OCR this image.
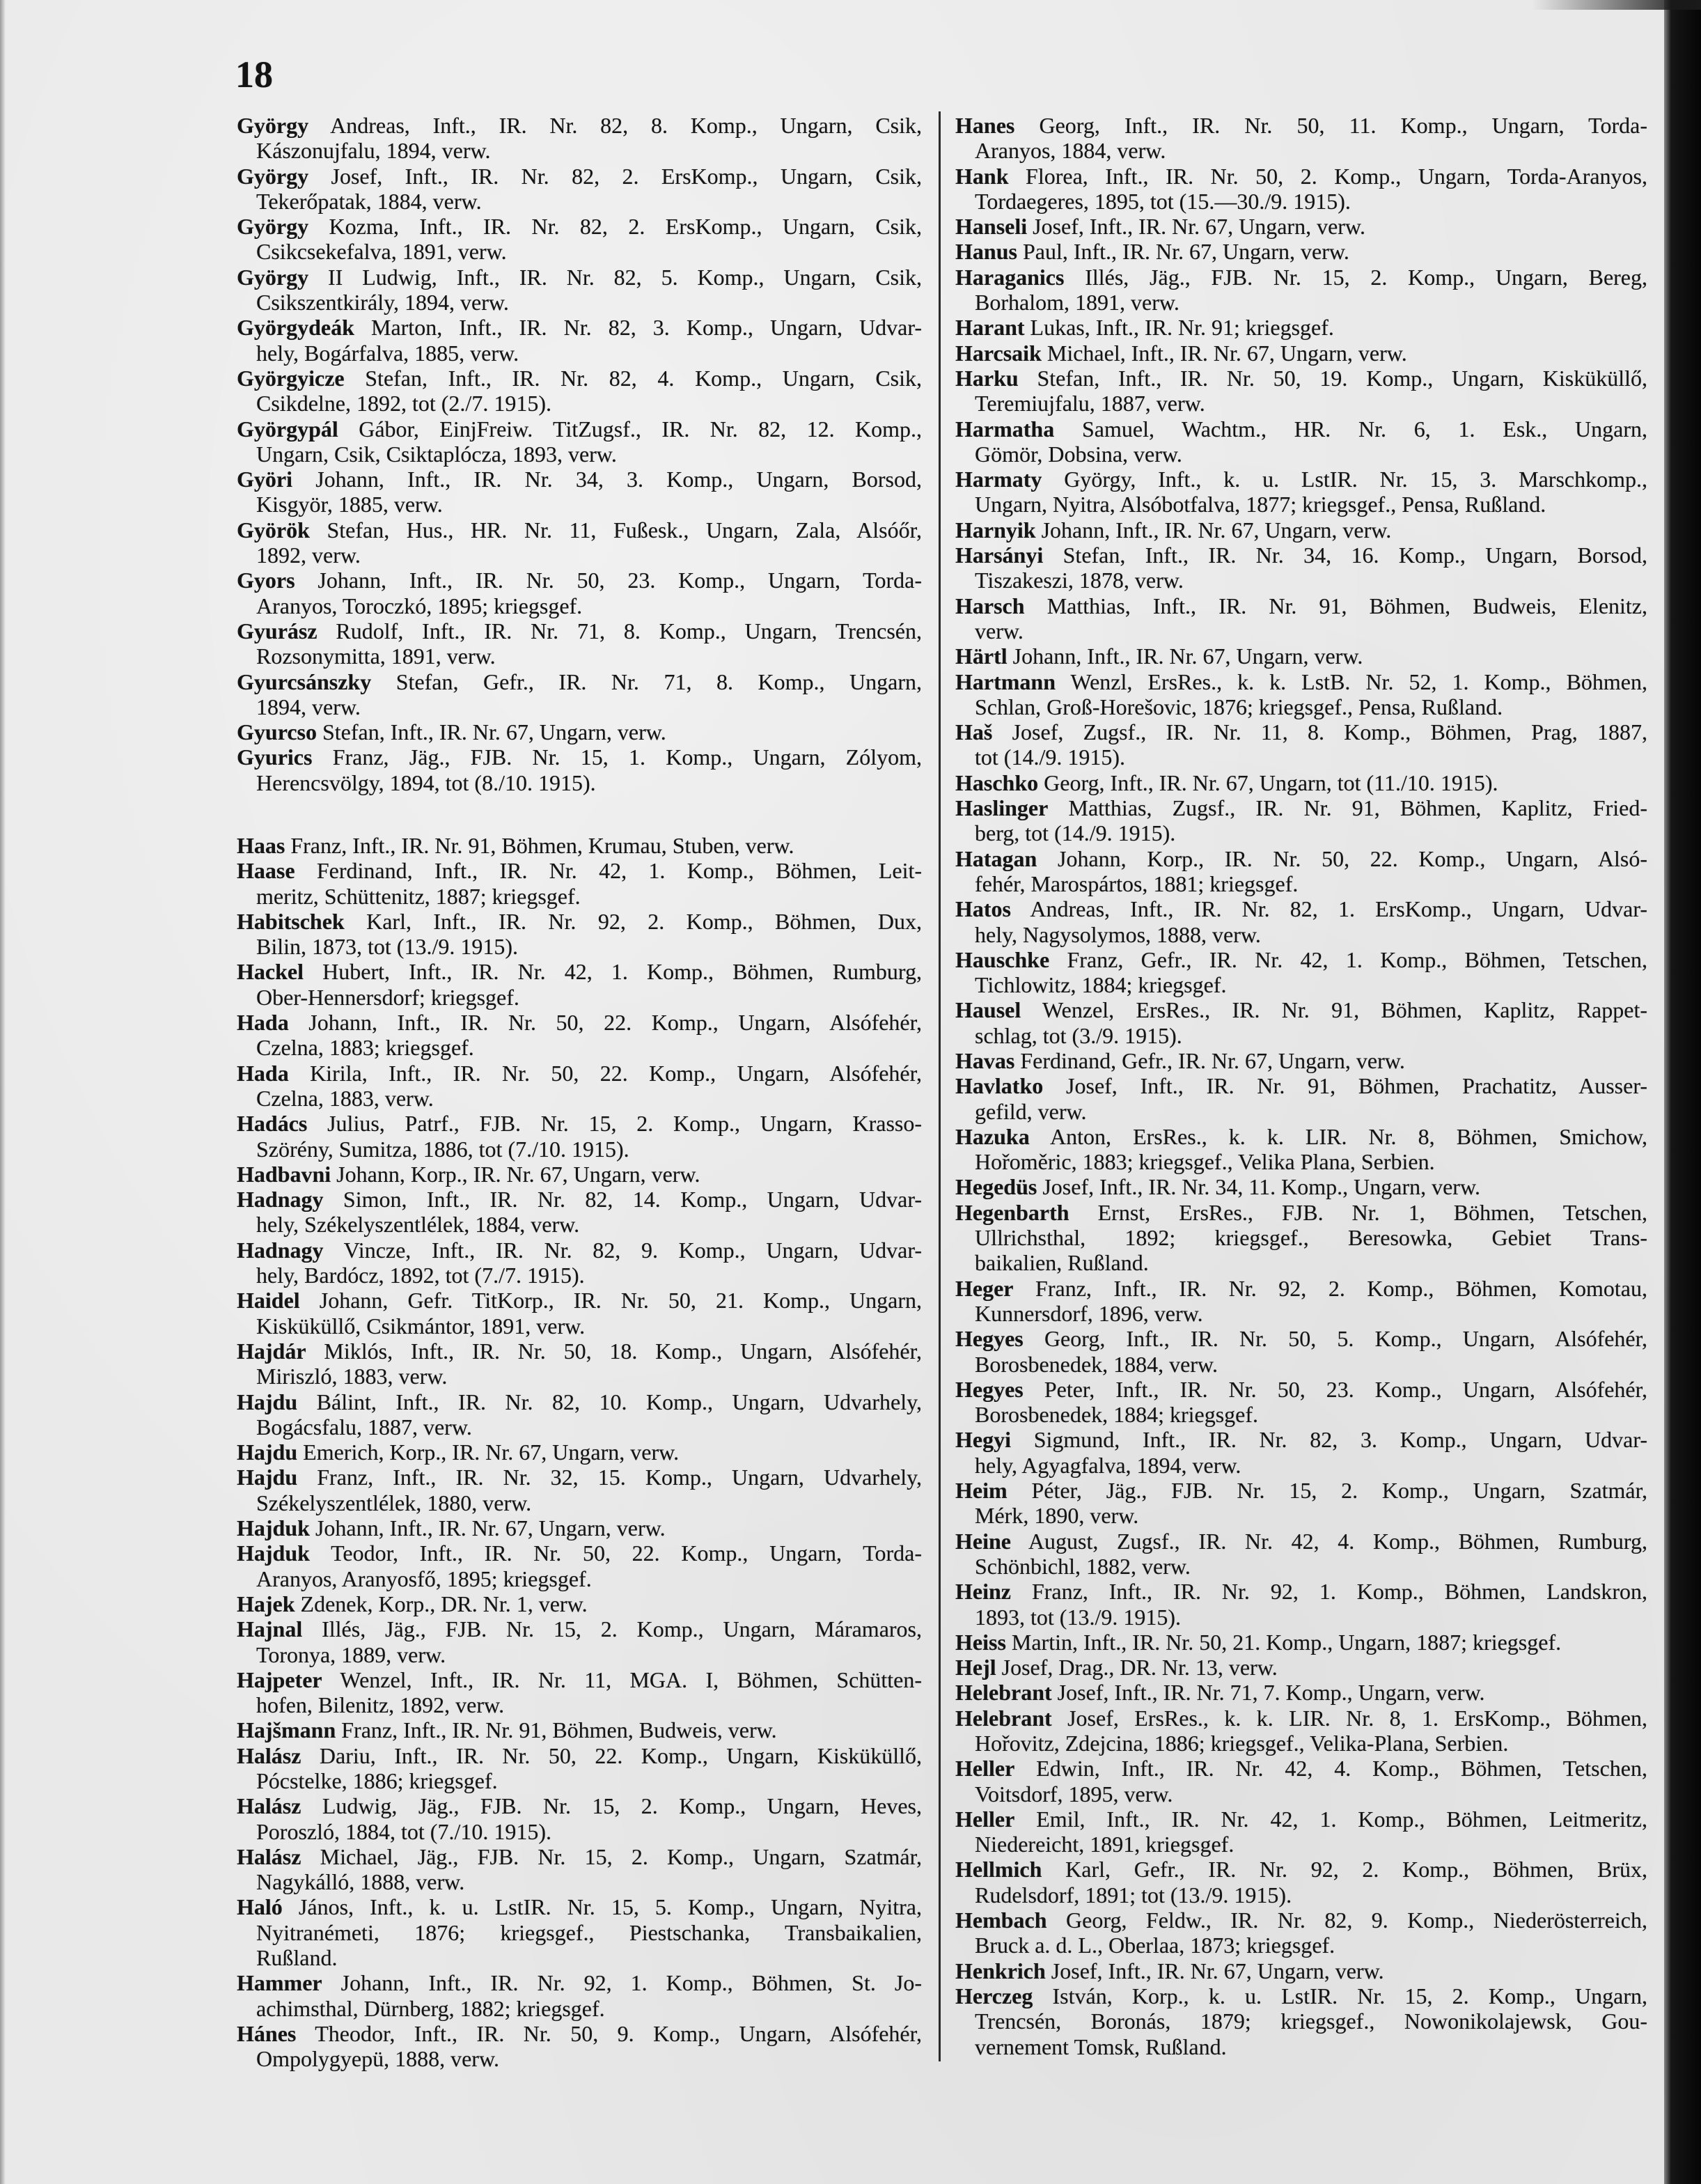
18
György Andreas, Inft., IR. Nr. 82, 8. Komp., Ungarn, Csik,
Kászonujfalu, 1894, verw.
György Josef, Inft., IR. Nr. 82, 2. ErsKomp., Ungarn, Csik,
Tekerőpatak, 1884, verw.
György Kozma, Inft., IR. Nr. 82, 2. ErsKomp., Ungarn, Csik,
Csikcsekefalva, 1891, verw.
György II Ludwig, Inft., IR. Nr. 82, 5. Komp., Ungarn, Csik,
Csikszentkirály, 1894, verw.
Györgydeák Marton, Inft., IR. Nr. 82, 3. Komp., Ungarn, Udvar-
hely, Bogárfalva, 1885, verw.
Györgyicze Stefan, Inft., IR. Nr. 82, 4. Komp., Ungarn, Csik,
Csikdelne, 1892, tot (2./7. 1915).
Györgypál Gábor, EinjFreiw. TitZugsf., IR. Nr. 82, 12. Komp.,
Ungarn, Csik, Csiktaplócza, 1893, verw.
Györi Johann, Inft., IR. Nr. 34, 3. Komp., Ungarn, Borsod,
Kisgyör, 1885, verw.
Györök Stefan, Hus., HR. Nr. 11, Fußesk., Ungarn, Zala, Alsóőr,
1892, verw.
Gyors Johann, Inft., IR. Nr. 50, 23. Komp., Ungarn, Torda-
Aranyos, Toroczkó, 1895; kriegsgef.
Gyurász Rudolf, Inft., IR. Nr. 71, 8. Komp., Ungarn, Trencsén,
Rozsonymitta, 1891, verw.
Gyurcsánszky Stefan, Gefr., IR. Nr. 71, 8. Komp., Ungarn,
1894, verw.
Gyurcso Stefan, Inft., IR. Nr. 67, Ungarn, verw.
Gyurics Franz, Jäg., FJB. Nr. 15, 1. Komp., Ungarn, Zólyom,
Herencsvölgy, 1894, tot (8./10. 1915).
Haas Franz, Inft., IR. Nr. 91, Böhmen, Krumau, Stuben, verw.
Haase Ferdinand, Inft., IR. Nr. 42, 1. Komp., Böhmen, Leit-
meritz, Schüttenitz, 1887; kriegsgef.
Habitschek Karl, Inft., IR. Nr. 92, 2. Komp., Böhmen, Dux,
Bilin, 1873, tot (13./9. 1915).
Hackel Hubert, Inft., IR. Nr. 42, 1. Komp., Böhmen, Rumburg,
Ober-Hennersdorf; kriegsgef.
Hada Johann, Inft., IR. Nr. 50, 22. Komp., Ungarn, Alsófehér,
Czelna, 1883; kriegsgef.
Hada Kirila, Inft., IR. Nr. 50, 22. Komp., Ungarn, Alsófehér,
Czelna, 1883, verw.
Hadács Julius, Patrf., FJB. Nr. 15, 2. Komp., Ungarn, Krasso-
Szörény, Sumitza, 1886, tot (7./10. 1915).
Hadbavni Johann, Korp., IR. Nr. 67, Ungarn, verw.
Hadnagy Simon, Inft., IR. Nr. 82, 14. Komp., Ungarn, Udvar-
hely, Székelyszentlélek, 1884, verw.
Hadnagy Vincze, Inft., IR. Nr. 82, 9. Komp., Ungarn, Udvar-
hely, Bardócz, 1892, tot (7./7. 1915).
Haidel Johann, Gefr. TitKorp., IR. Nr. 50, 21. Komp., Ungarn,
Kisküküllő, Csikmántor, 1891, verw.
Hajdár Miklós, Inft., IR. Nr. 50, 18. Komp., Ungarn, Alsófehér,
Miriszló, 1883, verw.
Hajdu Bálint, Inft., IR. Nr. 82, 10. Komp., Ungarn, Udvarhely,
Bogácsfalu, 1887, verw.
Hajdu Emerich, Korp., IR. Nr. 67, Ungarn, verw.
Hajdu Franz, Inft., IR. Nr. 32, 15. Komp., Ungarn, Udvarhely,
Székelyszentlélek, 1880, verw.
Hajduk Johann, Inft., IR. Nr. 67, Ungarn, verw.
Hajduk Teodor, Inft., IR. Nr. 50, 22. Komp., Ungarn, Torda-
Aranyos, Aranyosfő, 1895; kriegsgef.
Hajek Zdenek, Korp., DR. Nr. 1, verw.
Hajnal Illés, Jäg., FJB. Nr. 15, 2. Komp., Ungarn, Máramaros,
Toronya, 1889, verw.
Hajpeter Wenzel, Inft., IR. Nr. 11, MGA. I, Böhmen, Schütten-
hofen, Bilenitz, 1892, verw.
Hajšmann Franz, Inft., IR. Nr. 91, Böhmen, Budweis, verw.
Halász Dariu, Inft., IR. Nr. 50, 22. Komp., Ungarn, Kisküküllő,
Pócstelke, 1886; kriegsgef.
Halász Ludwig, Jäg., FJB. Nr. 15, 2. Komp., Ungarn, Heves,
Poroszló, 1884, tot (7./10. 1915).
Halász Michael, Jäg., FJB. Nr. 15, 2. Komp., Ungarn, Szatmár,
Nagykálló, 1888, verw.
Haló János, Inft., k. u. LstIR. Nr. 15, 5. Komp., Ungarn, Nyitra,
Nyitranémeti, 1876; kriegsgef., Piestschanka, Transbaikalien,
Rußland.
Hammer Johann, Inft., IR. Nr. 92, 1. Komp., Böhmen, St. Jo-
achimsthal, Dürnberg, 1882; kriegsgef.
Hánes Theodor, Inft., IR. Nr. 50, 9. Komp., Ungarn, Alsófehér,
Ompolygyepü, 1888, verw.
Hanes Georg, Inft., IR. Nr. 50, 11. Komp., Ungarn, Torda-
Aranyos, 1884, verw.
Hank Florea, Inft., IR. Nr. 50, 2. Komp., Ungarn, Torda-Aranyos,
Tordaegeres, 1895, tot (15.—30./9. 1915).
Hanseli Josef, Inft., IR. Nr. 67, Ungarn, verw.
Hanus Paul, Inft., IR. Nr. 67, Ungarn, verw.
Haraganics Illés, Jäg., FJB. Nr. 15, 2. Komp., Ungarn, Bereg,
Borhalom, 1891, verw.
Harant Lukas, Inft., IR. Nr. 91; kriegsgef.
Harcsaik Michael, Inft., IR. Nr. 67, Ungarn, verw.
Harku Stefan, Inft., IR. Nr. 50, 19. Komp., Ungarn, Kisküküllő,
Teremiujfalu, 1887, verw.
Harmatha Samuel, Wachtm., HR. Nr. 6, 1. Esk., Ungarn,
Gömör, Dobsina, verw.
Harmaty György, Inft., k. u. LstIR. Nr. 15, 3. Marschkomp.,
Ungarn, Nyitra, Alsóbotfalva, 1877; kriegsgef., Pensa, Rußland.
Harnyik Johann, Inft., IR. Nr. 67, Ungarn, verw.
Harsányi Stefan, Inft., IR. Nr. 34, 16. Komp., Ungarn, Borsod,
Tiszakeszi, 1878, verw.
Harsch Matthias, Inft., IR. Nr. 91, Böhmen, Budweis, Elenitz,
verw.
Härtl Johann, Inft., IR. Nr. 67, Ungarn, verw.
Hartmann Wenzl, ErsRes., k. k. LstB. Nr. 52, 1. Komp., Böhmen,
Schlan, Groß-Horešovic, 1876; kriegsgef., Pensa, Rußland.
Haš Josef, Zugsf., IR. Nr. 11, 8. Komp., Böhmen, Prag, 1887,
tot (14./9. 1915).
Haschko Georg, Inft., IR. Nr. 67, Ungarn, tot (11./10. 1915).
Haslinger Matthias, Zugsf., IR. Nr. 91, Böhmen, Kaplitz, Fried-
berg, tot (14./9. 1915).
Hatagan Johann, Korp., IR. Nr. 50, 22. Komp., Ungarn, Alsó-
fehér, Marospártos, 1881; kriegsgef.
Hatos Andreas, Inft., IR. Nr. 82, 1. ErsKomp., Ungarn, Udvar-
hely, Nagysolymos, 1888, verw.
Hauschke Franz, Gefr., IR. Nr. 42, 1. Komp., Böhmen, Tetschen,
Tichlowitz, 1884; kriegsgef.
Hausel Wenzel, ErsRes., IR. Nr. 91, Böhmen, Kaplitz, Rappet-
schlag, tot (3./9. 1915).
Havas Ferdinand, Gefr., IR. Nr. 67, Ungarn, verw.
Havlatko Josef, Inft., IR. Nr. 91, Böhmen, Prachatitz, Ausser-
gefild, verw.
Hazuka Anton, ErsRes., k. k. LIR. Nr. 8, Böhmen, Smichow,
Hořoměric, 1883; kriegsgef., Velika Plana, Serbien.
Hegedüs Josef, Inft., IR. Nr. 34, 11. Komp., Ungarn, verw.
Hegenbarth Ernst, ErsRes., FJB. Nr. 1, Böhmen, Tetschen,
Ullrichsthal, 1892; kriegsgef., Beresowka, Gebiet Trans-
baikalien, Rußland.
Heger Franz, Inft., IR. Nr. 92, 2. Komp., Böhmen, Komotau,
Kunnersdorf, 1896, verw.
Hegyes Georg, Inft., IR. Nr. 50, 5. Komp., Ungarn, Alsófehér,
Borosbenedek, 1884, verw.
Hegyes Peter, Inft., IR. Nr. 50, 23. Komp., Ungarn, Alsófehér,
Borosbenedek, 1884; kriegsgef.
Hegyi Sigmund, Inft., IR. Nr. 82, 3. Komp., Ungarn, Udvar-
hely, Agyagfalva, 1894, verw.
Heim Péter, Jäg., FJB. Nr. 15, 2. Komp., Ungarn, Szatmár,
Mérk, 1890, verw.
Heine August, Zugsf., IR. Nr. 42, 4. Komp., Böhmen, Rumburg,
Schönbichl, 1882, verw.
Heinz Franz, Inft., IR. Nr. 92, 1. Komp., Böhmen, Landskron,
1893, tot (13./9. 1915).
Heiss Martin, Inft., IR. Nr. 50, 21. Komp., Ungarn, 1887; kriegsgef.
Hejl Josef, Drag., DR. Nr. 13, verw.
Helebrant Josef, Inft., IR. Nr. 71, 7. Komp., Ungarn, verw.
Helebrant Josef, ErsRes., k. k. LIR. Nr. 8, 1. ErsKomp., Böhmen,
Hořovitz, Zdejcina, 1886; kriegsgef., Velika-Plana, Serbien.
Heller Edwin, Inft., IR. Nr. 42, 4. Komp., Böhmen, Tetschen,
Voitsdorf, 1895, verw.
Heller Emil, Inft., IR. Nr. 42, 1. Komp., Böhmen, Leitmeritz,
Niedereicht, 1891, kriegsgef.
Hellmich Karl, Gefr., IR. Nr. 92, 2. Komp., Böhmen, Brüx,
Rudelsdorf, 1891; tot (13./9. 1915).
Hembach Georg, Feldw., IR. Nr. 82, 9. Komp., Niederösterreich,
Bruck a. d. L., Oberlaa, 1873; kriegsgef.
Henkrich Josef, Inft., IR. Nr. 67, Ungarn, verw.
Herczeg István, Korp., k. u. LstIR. Nr. 15, 2. Komp., Ungarn,
Trencsén, Boronás, 1879; kriegsgef., Nowonikolajewsk, Gou-
vernement Tomsk, Rußland.
